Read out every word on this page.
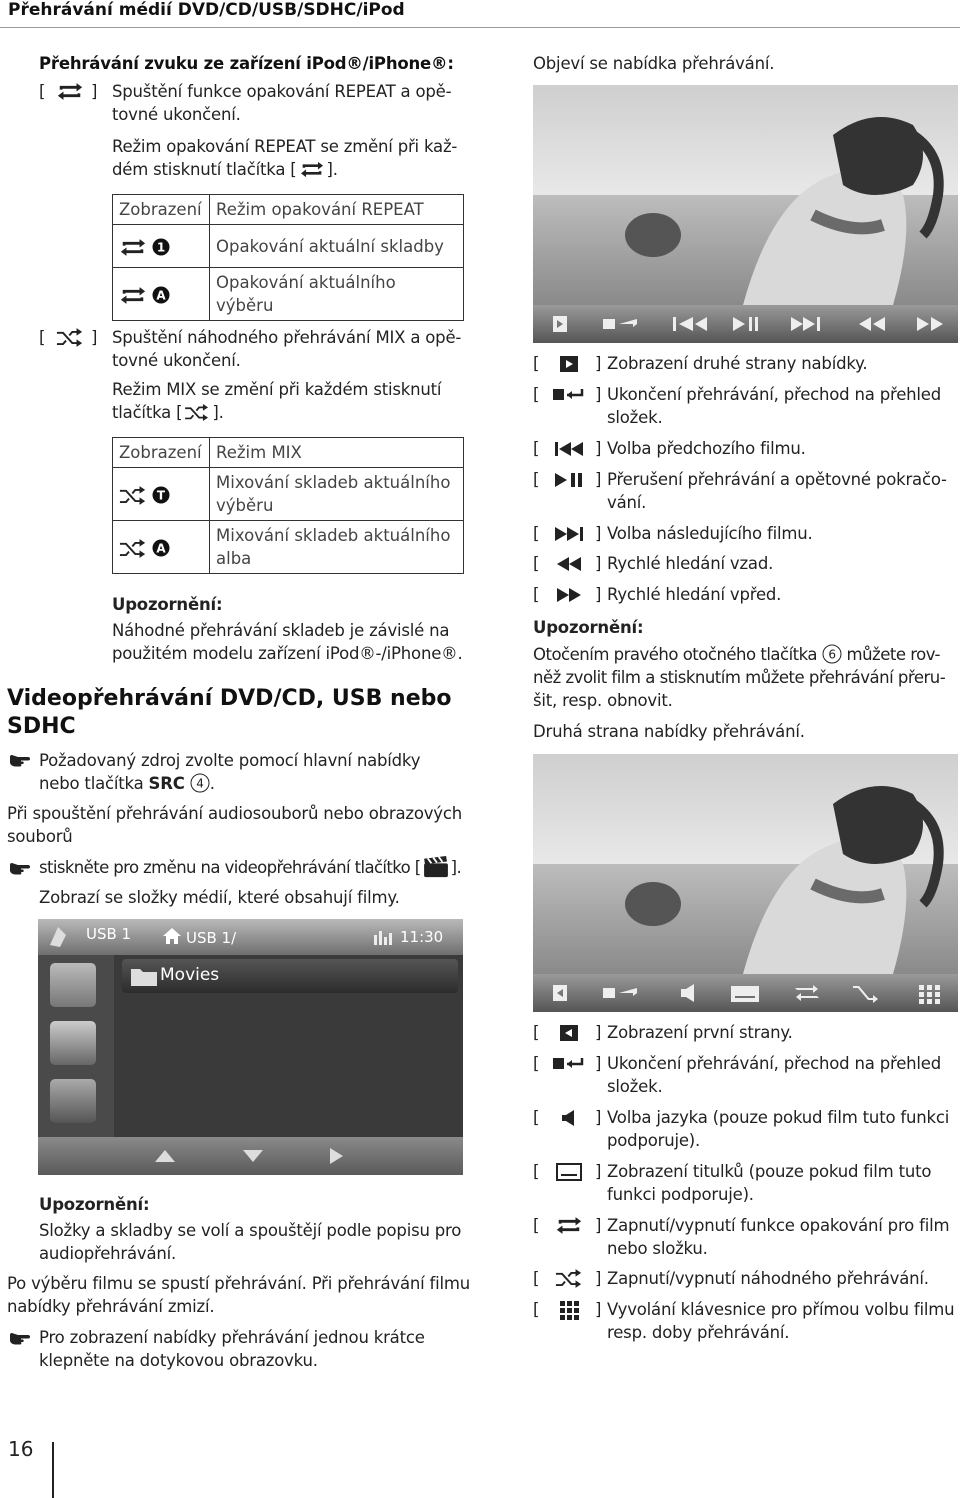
Přehrávání médií DVD/CD/USB/SDHC/iPod
Přehrávání zvuku ze zařízení iPod®/iPhone®:
[	] Spuštění funkce opakování REPEAT a opě-
tovné ukončení.
Režim opakování REPEAT se změní při kaž-
dém stisknutí tlačítka [ ].
Zobrazení	Režim opakování REPEAT

1	Opakování aktuální skladby

A	Opakování aktuálního výběru
[	] Spuštění náhodného přehrávání MIX a opě-
tovné ukončení.
Režim MIX se změní při každém stisknutí
tlačítka [ ].
Zobrazení	Režim MIX

T	Mixování skladeb aktuálního
výběru

A	Mixování skladeb aktuálního
alba
Upozornění:
Náhodné přehrávání skladeb je závislé na
použitém modelu zařízení iPod®-/iPhone®.
Videopřehrávání DVD/CD, USB nebo
SDHC
Požadovaný zdroj zvolte pomocí hlavní nabídky
nebo tlačítka SRC 4 .
Při spouštění přehrávání audiosouborů nebo obrazových
souborů
stiskněte pro změnu na videopřehrávání tlačítko [ ].
Zobrazí se složky médií, které obsahují filmy.
USB 1	USB 1/	11:30
Movies
Upozornění:
Složky a skladby se volí a spouštějí podle popisu pro
audiopřehrávání.
Po výběru filmu se spustí přehrávání. Při přehrávání filmu
nabídky přehrávání zmizí.
Pro zobrazení nabídky přehrávání jednou krátce
klepněte na dotykovou obrazovku.
Objeví se nabídka přehrávání.
[	] Zobrazení druhé strany nabídky.
[	] Ukončení přehrávání, přechod na přehled
složek.
[	] Volba předchozího filmu.
[	] Přerušení přehrávání a opětovné pokračo-
vání.
[	] Volba následujícího filmu.
[	] Rychlé hledání vzad.
[	] Rychlé hledání vpřed.
Upozornění:
Otočením pravého otočného tlačítka 6 můžete rov-
něž zvolit film a stisknutím můžete přehrávání přeru-
šit, resp. obnovit.
Druhá strana nabídky přehrávání.
[	] Zobrazení první strany.
[	] Ukončení přehrávání, přechod na přehled
složek.
[	] Volba jazyka (pouze pokud film tuto funkci
podporuje).
[	] Zobrazení titulků (pouze pokud film tuto
funkci podporuje).
[	] Zapnutí/vypnutí funkce opakování pro film
nebo složku.
[	] Zapnutí/vypnutí náhodného přehrávání.
[	] Vyvolání klávesnice pro přímou volbu filmu
resp. doby přehrávání.
16
